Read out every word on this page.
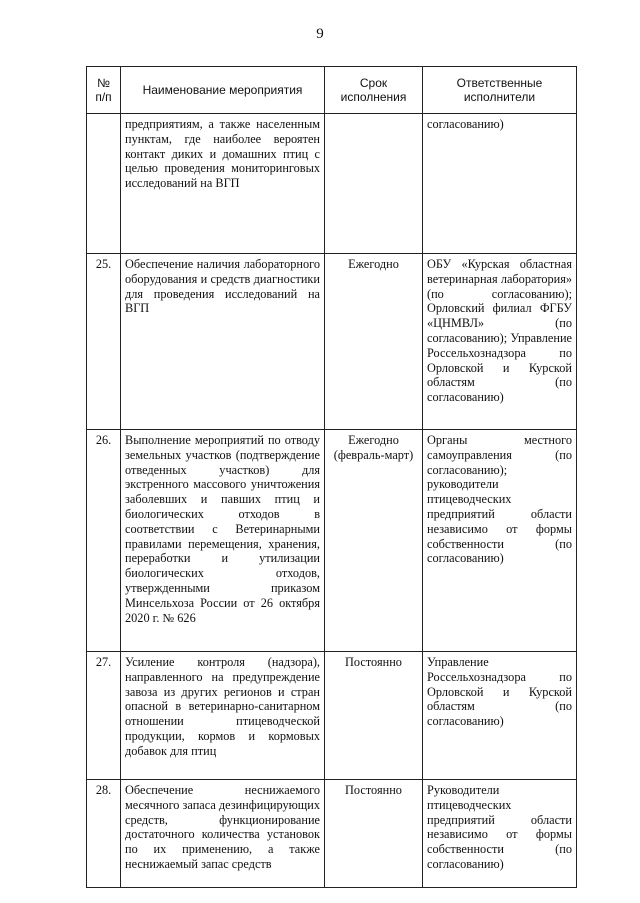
9
№ п/п	Наименование мероприятия	Срок исполнения	Ответственные исполнители
	предприятиям, а также населенным пунктам, где наиболее вероятен контакт диких и домашних птиц с целью проведения мониторинговых исследований на ВГП		согласованию)
25.	Обеспечение наличия лабораторного оборудования и средств диагностики для проведения исследований на ВГП	Ежегодно	ОБУ «Курская областная ветеринарная лаборатория» (по согласованию); Орловский филиал ФГБУ «ЦНМВЛ» (по согласованию); Управление Россельхознадзора по Орловской и Курской областям (по согласованию)
26.	Выполнение мероприятий по отводу земельных участков (подтверждение отведенных участков) для экстренного массового уничтожения заболевших и павших птиц и биологических отходов в соответствии с Ветеринарными правилами перемещения, хранения, переработки и утилизации биологических отходов, утвержденными приказом Минсельхоза России от 26 октября 2020 г. № 626	Ежегодно (февраль-март)	Органы местного самоуправления (по согласованию); руководители птицеводческих предприятий области независимо от формы собственности (по согласованию)
27.	Усиление контроля (надзора), направленного на предупреждение завоза из других регионов и стран опасной в ветеринарно-санитарном отношении птицеводческой продукции, кормов и кормовых добавок для птиц	Постоянно	Управление Россельхознадзора по Орловской и Курской областям (по согласованию)
28.	Обеспечение неснижаемого месячного запаса дезинфицирующих средств, функционирование достаточного количества установок по их применению, а также неснижаемый запас средств	Постоянно	Руководители птицеводческих предприятий области независимо от формы собственности (по согласованию)
